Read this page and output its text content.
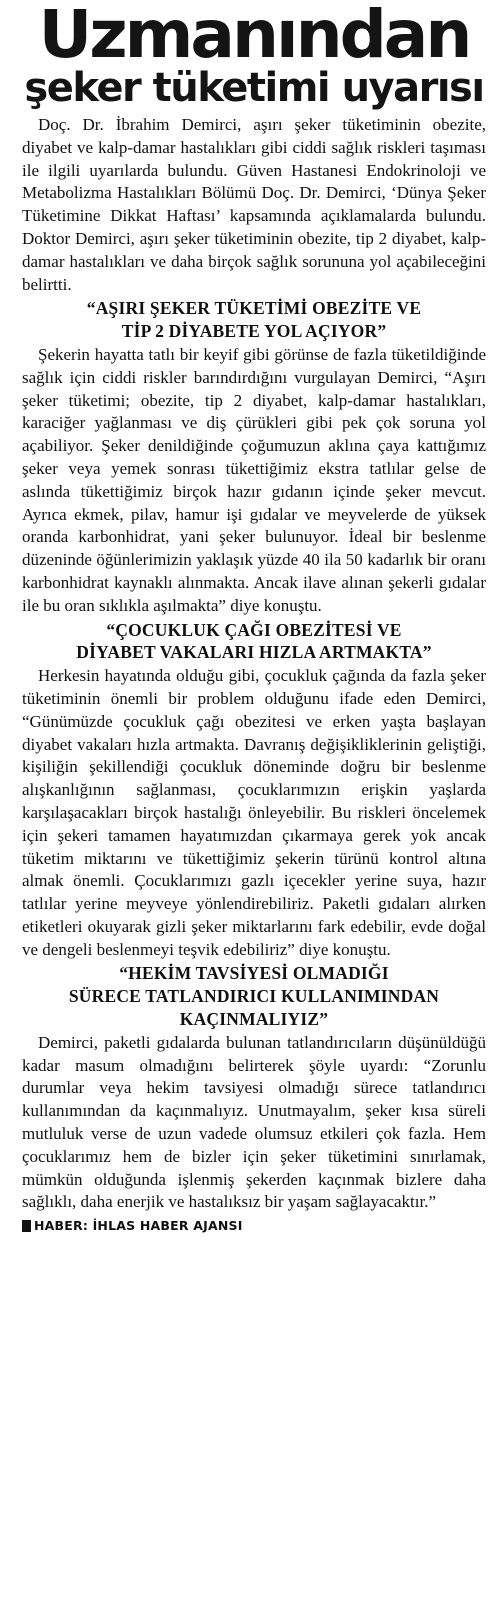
Uzmanından
şeker tüketimi uyarısı

Doç. Dr. İbrahim Demirci, aşırı şeker tüketiminin obezite, diyabet ve kalp-damar hastalıkları gibi ciddi sağlık riskleri taşıması ile ilgili uyarılarda bulundu. Güven Hastanesi Endokrinoloji ve Metabolizma Hastalıkları Bölümü Doç. Dr. Demirci, ‘Dünya Şeker Tüketimine Dikkat Haftası’ kapsamında açıklamalarda bulundu. Doktor Demirci, aşırı şeker tüketiminin obezite, tip 2 diyabet, kalp-damar hastalıkları ve daha birçok sağlık sorununa yol açabileceğini belirtti.

“AŞIRI ŞEKER TÜKETİMİ OBEZİTE VE
TİP 2 DİYABETE YOL AÇIYOR”

Şekerin hayatta tatlı bir keyif gibi görünse de fazla tüketildiğinde sağlık için ciddi riskler barındırdığını vurgulayan Demirci, “Aşırı şeker tüketimi; obezite, tip 2 diyabet, kalp-damar hastalıkları, karaciğer yağlanması ve diş çürükleri gibi pek çok soruna yol açabiliyor. Şeker denildiğinde çoğumuzun aklına çaya kattığımız şeker veya yemek sonrası tükettiğimiz ekstra tatlılar gelse de aslında tükettiğimiz birçok hazır gıdanın içinde şeker mevcut. Ayrıca ekmek, pilav, hamur işi gıdalar ve meyvelerde de yüksek oranda karbonhidrat, yani şeker bulunuyor. İdeal bir beslenme düzeninde öğünlerimizin yaklaşık yüzde 40 ila 50 kadarlık bir oranı karbonhidrat kaynaklı alınmakta. Ancak ilave alınan şekerli gıdalar ile bu oran sıklıkla aşılmakta” diye konuştu.

“ÇOCUKLUK ÇAĞI OBEZİTESİ VE
DİYABET VAKALARI HIZLA ARTMAKTA”

Herkesin hayatında olduğu gibi, çocukluk çağında da fazla şeker tüketiminin önemli bir problem olduğunu ifade eden Demirci, “Günümüzde çocukluk çağı obezitesi ve erken yaşta başlayan diyabet vakaları hızla artmakta. Davranış değişikliklerinin geliştiği, kişiliğin şekillendiği çocukluk döneminde doğru bir beslenme alışkanlığının sağlanması, çocuklarımızın erişkin yaşlarda karşılaşacakları birçok hastalığı önleyebilir. Bu riskleri öncelemek için şekeri tamamen hayatımızdan çıkarmaya gerek yok ancak tüketim miktarını ve tükettiğimiz şekerin türünü kontrol altına almak önemli. Çocuklarımızı gazlı içecekler yerine suya, hazır tatlılar yerine meyveye yönlendirebiliriz. Paketli gıdaları alırken etiketleri okuyarak gizli şeker miktarlarını fark edebilir, evde doğal ve dengeli beslenmeyi teşvik edebiliriz” diye konuştu.

“HEKİM TAVSİYESİ OLMADIĞI
SÜRECE TATLANDIRICI KULLANIMINDAN
KAÇINMALIYIZ”

Demirci, paketli gıdalarda bulunan tatlandırıcıların düşünüldüğü kadar masum olmadığını belirterek şöyle uyardı: “Zorunlu durumlar veya hekim tavsiyesi olmadığı sürece tatlandırıcı kullanımından da kaçınmalıyız. Unutmayalım, şeker kısa süreli mutluluk verse de uzun vadede olumsuz etkileri çok fazla. Hem çocuklarımız hem de bizler için şeker tüketimini sınırlamak, mümkün olduğunda işlenmiş şekerden kaçınmak bizlere daha sağlıklı, daha enerjik ve hastalıksız bir yaşam sağlayacaktır.”

HABER: İHLAS HABER AJANSI
